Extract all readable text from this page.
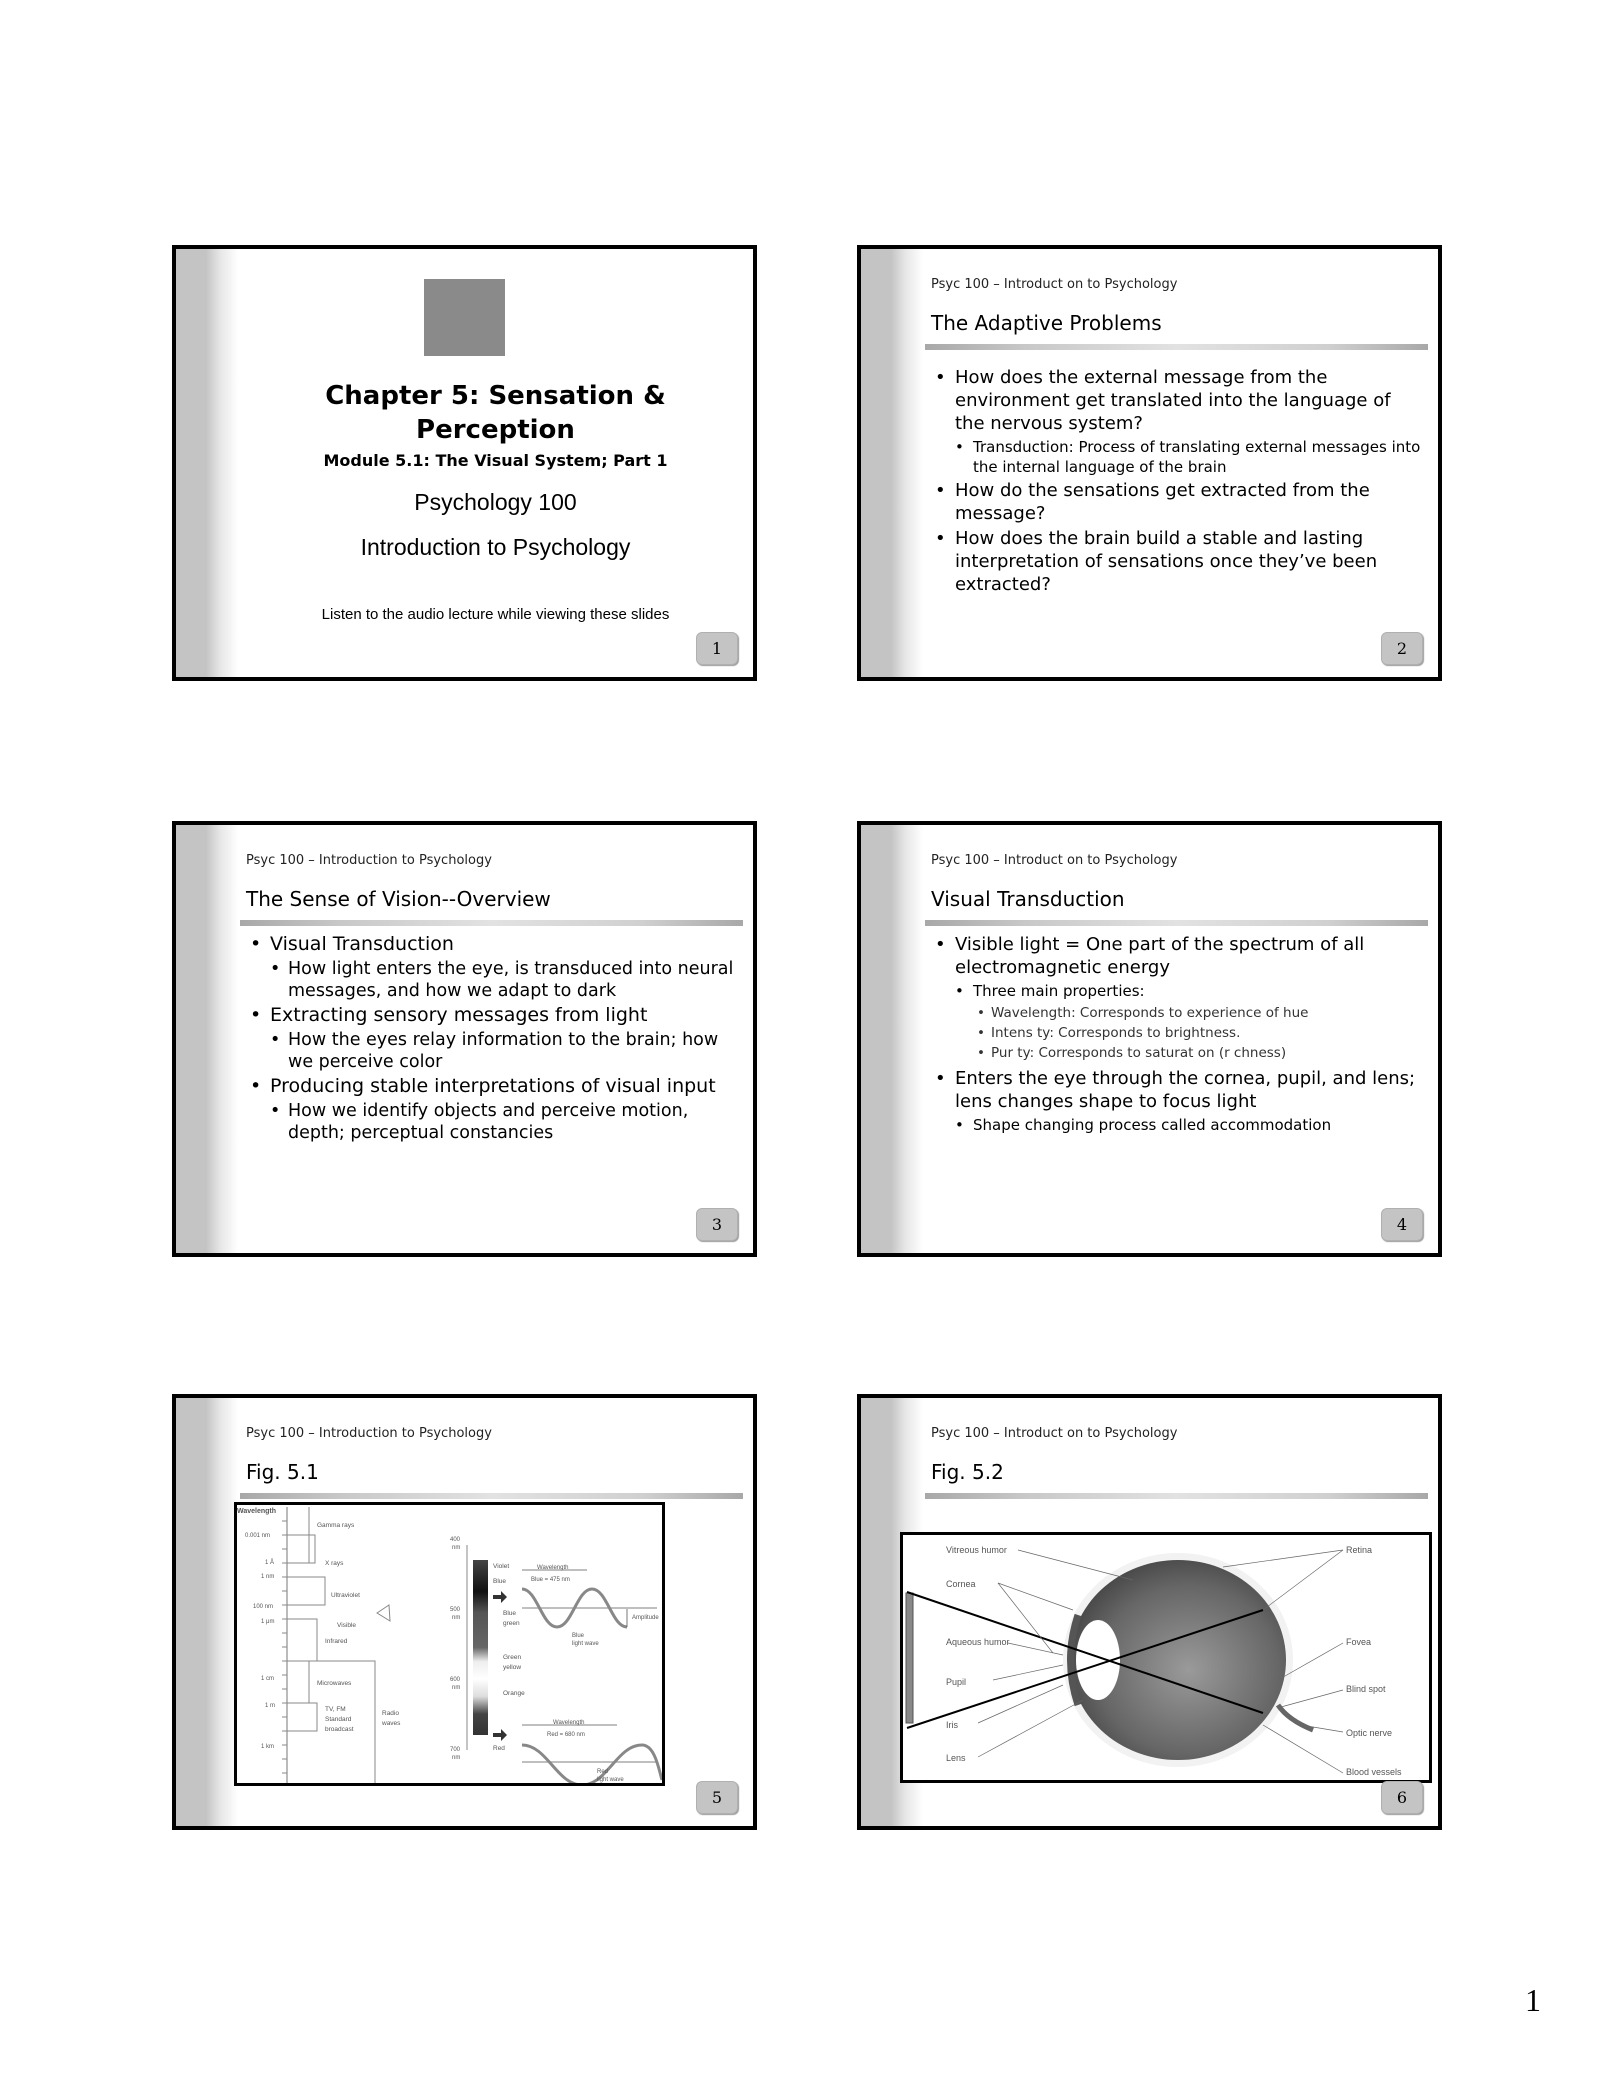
Chapter 5: Sensation &
Perception
Module 5.1: The Visual System; Part 1
Psychology 100
Introduction to Psychology
Listen to the audio lecture while viewing these slides
1
Psyc 100 – Introduct on to Psychology
The Adaptive Problems
• How does the external message from the environment get translated into the language of the nervous system?
• Transduction: Process of translating external messages into the internal language of the brain
• How do the sensations get extracted from the message?
• How does the brain build a stable and lasting interpretation of sensations once they’ve been extracted?
2
Psyc 100 – Introduction to Psychology
The Sense of Vision--Overview
• Visual Transduction
• How light enters the eye, is transduced into neural messages, and how we adapt to dark
• Extracting sensory messages from light
• How the eyes relay information to the brain; how we perceive color
• Producing stable interpretations of visual input
• How we identify objects and perceive motion, depth; perceptual constancies
3
Psyc 100 – Introduct on to Psychology
Visual Transduction
• Visible light = One part of the spectrum of all electromagnetic energy
• Three main properties:
• Wavelength: Corresponds to experience of hue
• Intens ty: Corresponds to brightness.
• Pur ty: Corresponds to saturat on (r chness)
• Enters the eye through the cornea, pupil, and lens; lens changes shape to focus light
• Shape changing process called accommodation
4
Psyc 100 – Introduction to Psychology
Fig. 5.1
Wavelength
0.001 nm
1 Å
1 nm
100 nm
1 μm
1 cm
1 m
1 km
Gamma rays
X rays
Ultraviolet
Visible
Infrared
Microwaves
TV, FM
Standard
broadcast
Radio
waves
400
nm
500
nm
600
nm
700
nm
Violet
Blue
Blue
green
Green
yellow
Orange
Red
Wavelength
Blue = 475 nm
Amplitude
Blue
light wave
Wavelength
Red = 680 nm
Red
light wave
5
Psyc 100 – Introduct on to Psychology
Fig. 5.2
Vitreous humor
Cornea
Aqueous humor
Pupil
Iris
Lens
Retina
Fovea
Blind spot
Optic nerve
Blood vessels
6
1
